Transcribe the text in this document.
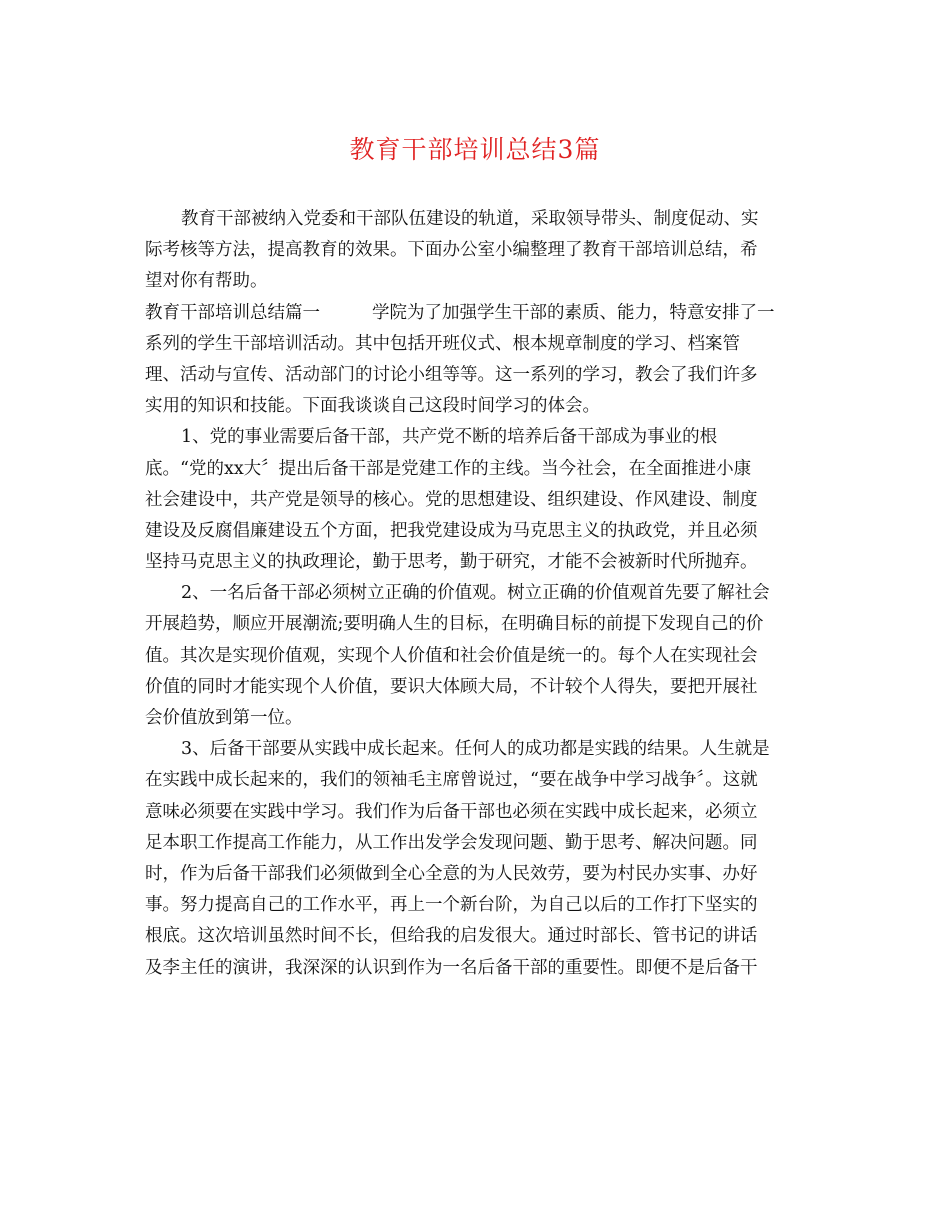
教育干部培训总结3篇
教育干部被纳入党委和干部队伍建设的轨道，采取领导带头、制度促动、实
际考核等方法，提高教育的效果。下面办公室小编整理了教育干部培训总结，希
望对你有帮助。
教育干部培训总结篇一	学院为了加强学生干部的素质、能力，特意安排了一
系列的学生干部培训活动。其中包括开班仪式、根本规章制度的学习、档案管
理、活动与宣传、活动部门的讨论小组等等。这一系列的学习，教会了我们许多
实用的知识和技能。下面我谈谈自己这段时间学习的体会。
1、党的事业需要后备干部，共产党不断的培养后备干部成为事业的根
底。“党的xx大〞提出后备干部是党建工作的主线。当今社会，在全面推进小康
社会建设中，共产党是领导的核心。党的思想建设、组织建设、作风建设、制度
建设及反腐倡廉建设五个方面，把我党建设成为马克思主义的执政党，并且必须
坚持马克思主义的执政理论，勤于思考，勤于研究，才能不会被新时代所抛弃。
2、一名后备干部必须树立正确的价值观。树立正确的价值观首先要了解社会
开展趋势，顺应开展潮流;要明确人生的目标，在明确目标的前提下发现自己的价
值。其次是实现价值观，实现个人价值和社会价值是统一的。每个人在实现社会
价值的同时才能实现个人价值，要识大体顾大局，不计较个人得失，要把开展社
会价值放到第一位。
3、后备干部要从实践中成长起来。任何人的成功都是实践的结果。人生就是
在实践中成长起来的，我们的领袖毛主席曾说过，“要在战争中学习战争〞。这就
意味必须要在实践中学习。我们作为后备干部也必须在实践中成长起来，必须立
足本职工作提高工作能力，从工作出发学会发现问题、勤于思考、解决问题。同
时，作为后备干部我们必须做到全心全意的为人民效劳，要为村民办实事、办好
事。努力提高自己的工作水平，再上一个新台阶，为自己以后的工作打下坚实的
根底。这次培训虽然时间不长，但给我的启发很大。通过时部长、管书记的讲话
及李主任的演讲，我深深的认识到作为一名后备干部的重要性。即便不是后备干
